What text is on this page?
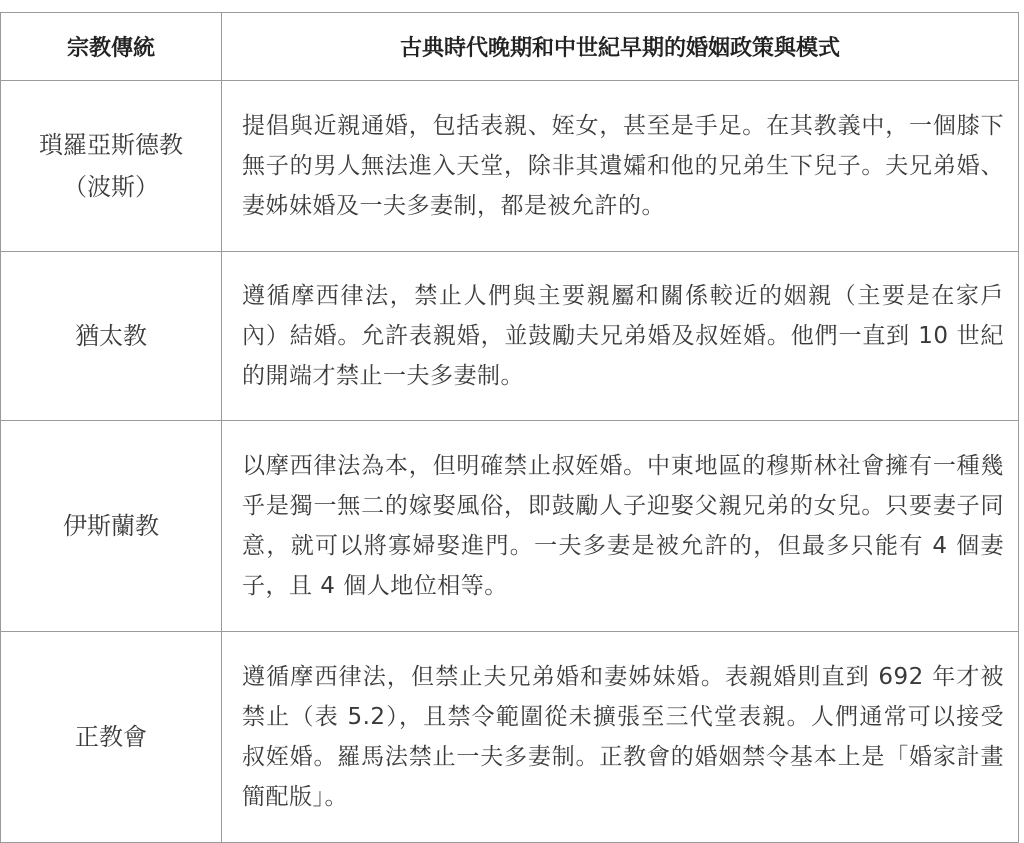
宗教傳統	古典時代晚期和中世紀早期的婚姻政策與模式

瑣羅亞斯德教
（波斯）	提倡與近親通婚，包括表親、姪女，甚至是手足。在其教義中，一個膝下無子的男人無法進入天堂，除非其遺孀和他的兄弟生下兒子。夫兄弟婚、妻姊妹婚及一夫多妻制，都是被允許的。

猶太教	遵循摩西律法，禁止人們與主要親屬和關係較近的姻親（主要是在家戶內）結婚。允許表親婚，並鼓勵夫兄弟婚及叔姪婚。他們一直到 10 世紀的開端才禁止一夫多妻制。

伊斯蘭教	以摩西律法為本，但明確禁止叔姪婚。中東地區的穆斯林社會擁有一種幾乎是獨一無二的嫁娶風俗，即鼓勵人子迎娶父親兄弟的女兒。只要妻子同意，就可以將寡婦娶進門。一夫多妻是被允許的，但最多只能有 4 個妻子，且 4 個人地位相等。

正教會	遵循摩西律法，但禁止夫兄弟婚和妻姊妹婚。表親婚則直到 692 年才被禁止（表 5.2），且禁令範圍從未擴張至三代堂表親。人們通常可以接受叔姪婚。羅馬法禁止一夫多妻制。正教會的婚姻禁令基本上是「婚家計畫簡配版」。
